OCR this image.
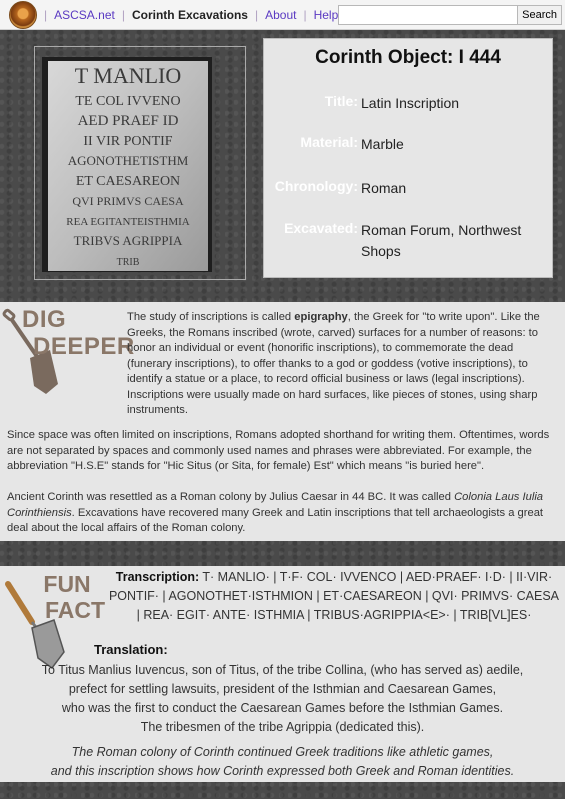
| ASCSA.net | Corinth Excavations | About | Help	Search
T MANLIO
TE COL IVVENO
AED PRAEF ID
II VIR PONTIF
AGONOTHETISTHM
ET CAESAREON
QVI PRIMVS CAESA
REA EGITANTEISTHMIA
TRIBVS AGRIPPIA
TRIB
Corinth Object: I 444
Title: Latin Inscription
Material: Marble
Chronology: Roman
Excavated: Roman Forum, Northwest Shops
DIG
DEEPER
The study of inscriptions is called epigraphy, the Greek for "to write upon". Like the Greeks, the Romans inscribed (wrote, carved) surfaces for a number of reasons: to honor an individual or event (honorific inscriptions), to commemorate the dead (funerary inscriptions), to offer thanks to a god or goddess (votive inscriptions), to identify a statue or a place, to record official business or laws (legal inscriptions). Inscriptions were usually made on hard surfaces, like pieces of stones, using sharp instruments.
Since space was often limited on inscriptions, Romans adopted shorthand for writing them. Oftentimes, words are not separated by spaces and commonly used names and phrases were abbreviated. For example, the abbreviation "H.S.E" stands for "Hic Situs (or Sita, for female) Est" which means "is buried here".
Ancient Corinth was resettled as a Roman colony by Julius Caesar in 44 BC. It was called Colonia Laus Iulia Corinthiensis. Excavations have recovered many Greek and Latin inscriptions that tell archaeologists a great deal about the local affairs of the Roman colony.
FUN
FACT
Transcription: T· MANLIO· | T·F· COL· IVVENCO | AED·PRAEF· I·D· | II·VIR· PONTIF· | AGONOTHET·ISTHMION | ET·CAESAREON | QVI· PRIMVS· CAESA | REA· EGIT· ANTE· ISTHMIA | TRIBUS·AGRIPPIA<E>· | TRIB[VL]ES·
Translation:
To Titus Manlius Iuvencus, son of Titus, of the tribe Collina, (who has served as) aedile,
prefect for settling lawsuits, president of the Isthmian and Caesarean Games,
who was the first to conduct the Caesarean Games before the Isthmian Games.
The tribesmen of the tribe Agrippia (dedicated this).
The Roman colony of Corinth continued Greek traditions like athletic games,
and this inscription shows how Corinth expressed both Greek and Roman identities.
